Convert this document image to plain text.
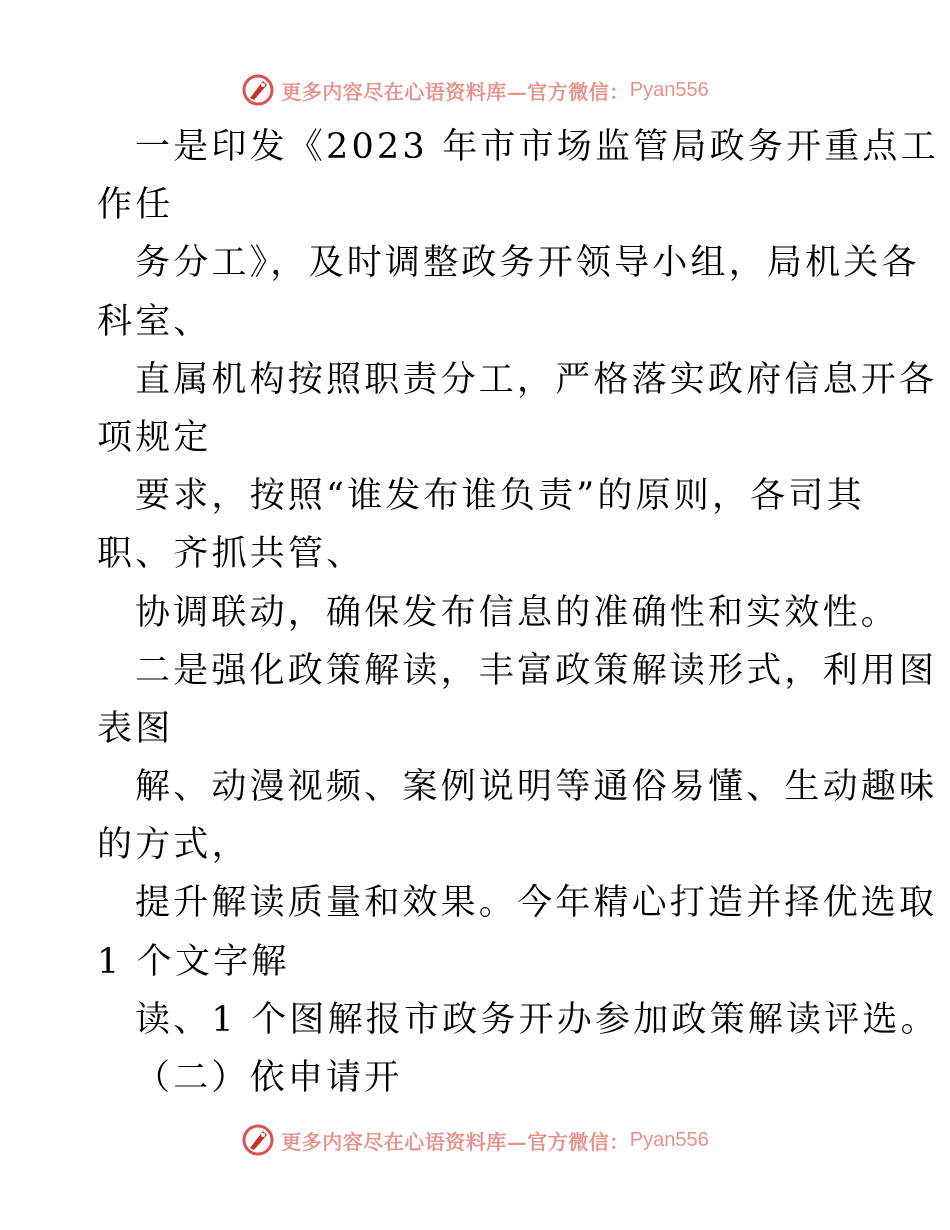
更多内容尽在心语资料库—官方微信： Pyan556
一是印发《2023 年市市场监管局政务开重点工
作任
务分工》，及时调整政务开领导小组，局机关各
科室、
直属机构按照职责分工，严格落实政府信息开各
项规定
要求，按照“谁发布谁负责”的原则，各司其
职、齐抓共管、
协调联动，确保发布信息的准确性和实效性。
二是强化政策解读，丰富政策解读形式，利用图
表图
解、动漫视频、案例说明等通俗易懂、生动趣味
的方式，
提升解读质量和效果。今年精心打造并择优选取
1 个文字解
读、1 个图解报市政务开办参加政策解读评选。
（二）依申请开
更多内容尽在心语资料库—官方微信： Pyan556
